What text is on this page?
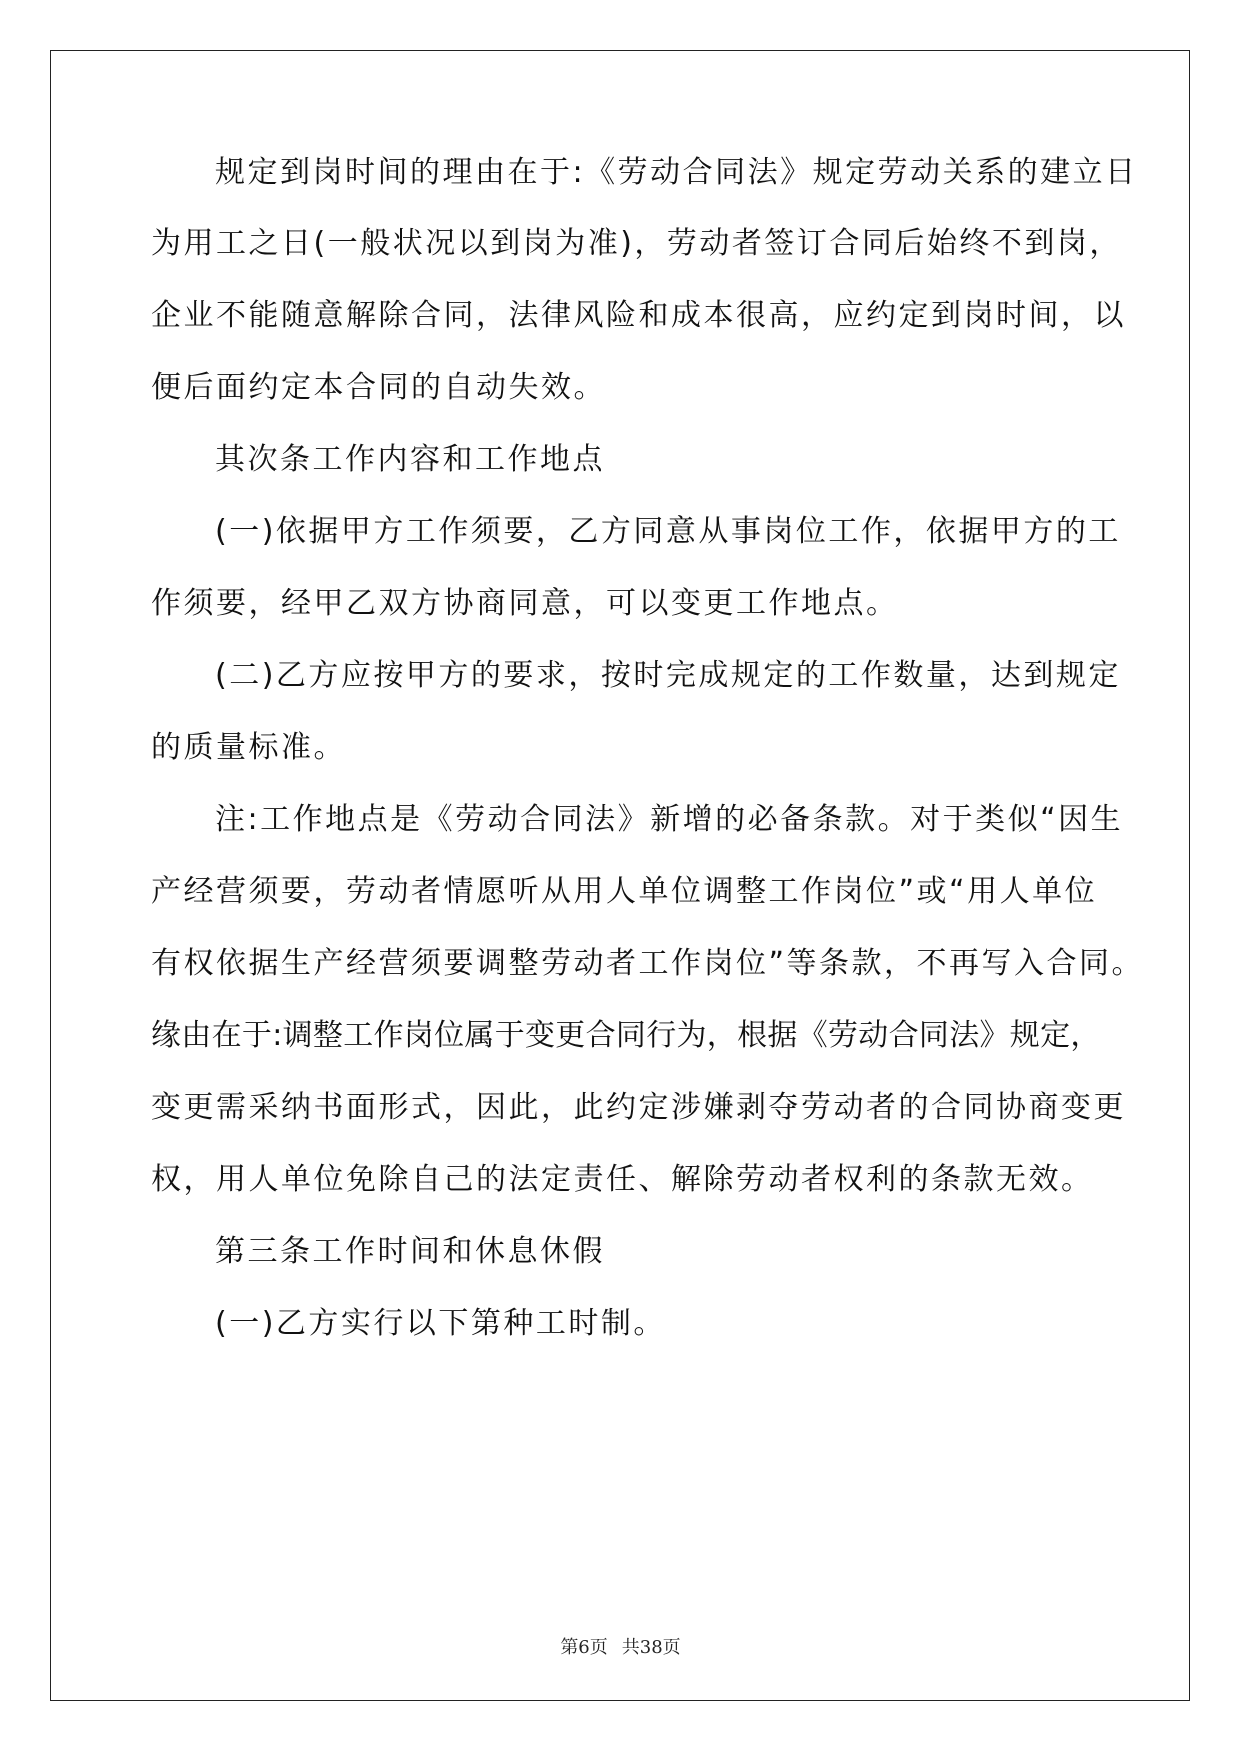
规定到岗时间的理由在于:《劳动合同法》规定劳动关系的建立日
为用工之日(一般状况以到岗为准)，劳动者签订合同后始终不到岗，
企业不能随意解除合同，法律风险和成本很高，应约定到岗时间，以
便后面约定本合同的自动失效。
其次条工作内容和工作地点
(一)依据甲方工作须要，乙方同意从事岗位工作，依据甲方的工
作须要，经甲乙双方协商同意，可以变更工作地点。
(二)乙方应按甲方的要求，按时完成规定的工作数量，达到规定
的质量标准。
注:工作地点是《劳动合同法》新增的必备条款。对于类似“因生
产经营须要，劳动者情愿听从用人单位调整工作岗位”或“用人单位
有权依据生产经营须要调整劳动者工作岗位”等条款，不再写入合同。
缘由在于:调整工作岗位属于变更合同行为，根据《劳动合同法》规定，
变更需采纳书面形式，因此，此约定涉嫌剥夺劳动者的合同协商变更
权，用人单位免除自己的法定责任、解除劳动者权利的条款无效。
第三条工作时间和休息休假
(一)乙方实行以下第种工时制。
第6页 共38页
